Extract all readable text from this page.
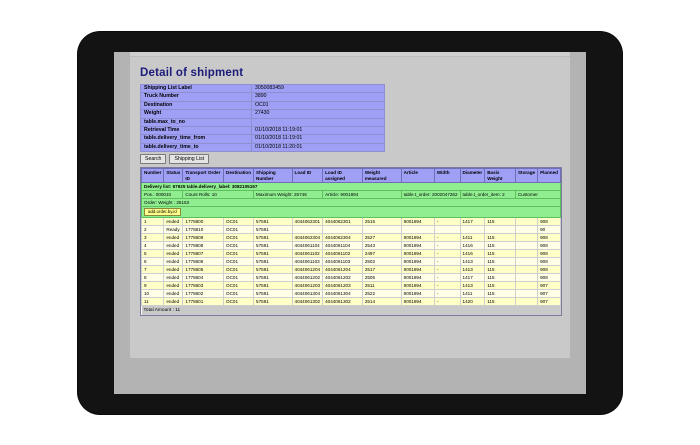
Detail of shipment
Shipping List Label	3050083459
Truck Number	3890
Destination	OC01
Weight	27430
table.max_to_no	
Retrieval Time	01/10/2018 11:19:01
table.delivery_time_from	01/10/2018 11:19:01
table.delivery_time_to	01/10/2018 11:20:01
Search	Shipping List
Number	Status	Transport Order ID	Destination	Shipping Number	Load ID	Load ID assigned	Weight measured	Article	Width	Diameter	Basis Weight	Storage	Planned
Delivery list: 67925 table.delivery_label: 3082105157													
Pos.: 000010		Count Rolls: 10		Maximum Weight: 25746		Article: 9001894		table.t_order: 2002047262		table.t_order_item: 2		Customer	
Order: Weight : 25153													
add.order.by.id													
1	ended	1778800	OC01	57591	4044062301	4044062301	2515	9001894	-	1417	115		908
2	Ready	1778810	OC01	57591									90
3	ended	1778609	OC01	57591	4044062304	4044062304	2527	9001894	-	1411	115		908
4	ended	1778808	OC01	57591	4044061104	4044061104	2543	9001894	-	1416	115		908
5	ended	1778807	OC01	57591	4044061102	4044061102	2497	9001894	-	1416	115		908
6	ended	1778606	OC01	57591	4044061103	4044061103	2502	9001894	-	1413	115		908
7	ended	1778605	OC01	57591	4044061204	4044061204	2517	9001894	-	1413	115		908
8	ended	1778604	OC01	57591	4044061202	4044061202	2505	9001894	-	1417	115		908
9	ended	1778603	OC01	57591	4044061203	4044061203	2511	9001894	-	1413	115		907
10	ended	1778602	OC01	57591	4044061304	4044061304	2522	9001894	-	1411	115		907
11	ended	1778601	OC01	57591	4044061302	4044061302	2514	9001894	-	1420	115		907
Total Amount : 11													
